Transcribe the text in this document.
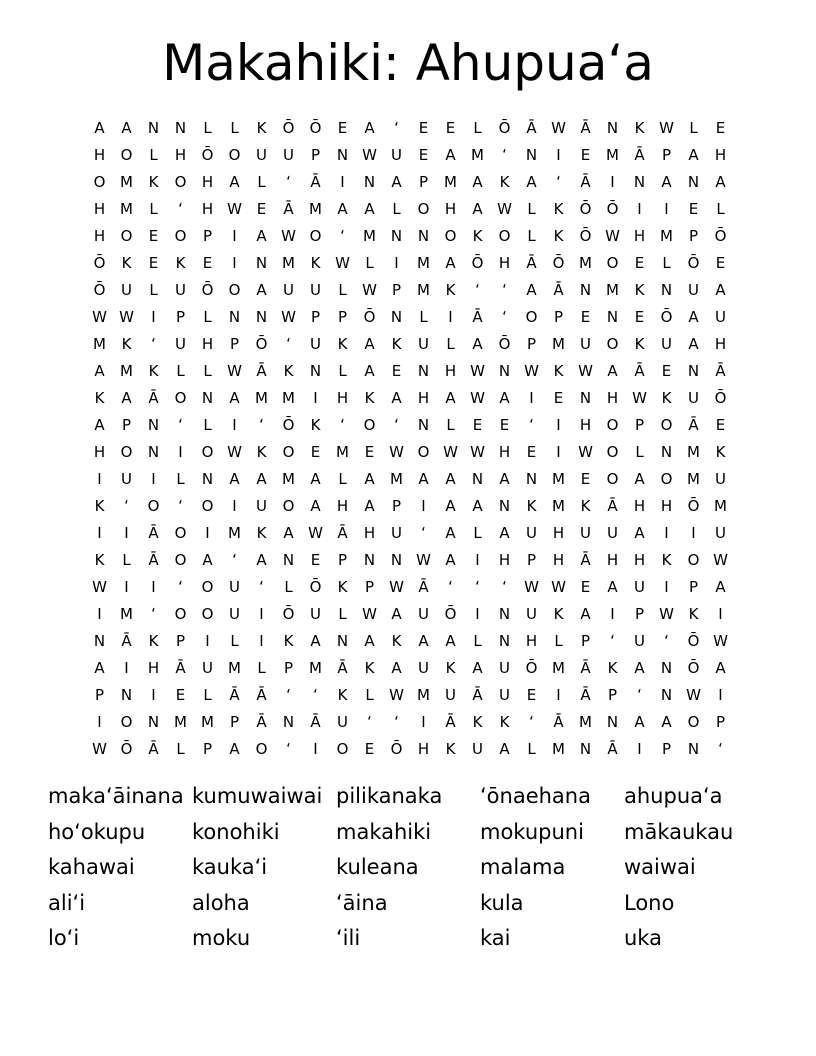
Makahiki: Ahupuaʻa
A	A	N	N	L	L	K	Ō	Ō	E	A	ʻ	E	E	L	Ō	Ā W Ā	N	K W	L	E
H	O	L	H	Ō	O	U	U	P	N W U	E	A	M	ʻ	N	I	E	M	Ā	P	A	H
O M	K	O	H	A	L	ʻ	Ā	I	N	A	P	M	A	K	A	ʻ	Ā	I	N	A	N	A
H M	L	ʻ	H W E	Ā	M	A	A	L	O	H	A W	L	K	Ō	Ō	I	I	E	L
H	O	E	O	P	I	A W O	ʻ	M N	N	O	K	O	L	K	Ō W H M	P	Ō
Ō	K	E	K	E	I	N M	K W	L	I	M	A	Ō	H	Ā	Ō M O	E	L	Ō	E
Ō	U	L	U	Ō	O	A	U	U	L	W	P	M	K	ʻ	ʻ	A	Ā	N M	K	N	U	A
W W	I	P	L	N	N W	P	P	Ō	N	L	I	Ā	ʻ	O	P	E	N	E	Ō	A	U
M	K	ʻ	U	H	P	Ō	ʻ	U	K	A	K	U	L	A	Ō	P	M	U	O	K	U	A	H
A	M	K	L	L	W Ā	K	N	L	A	E	N	H W N W K W A	Ā	E	N	Ā
K	A	Ā	O	N	A	M M	I	H	K	A	H	A W A	I	E	N	H W K	U	Ō
A	P	N	ʻ	L	I	ʻ	Ō	K	ʻ	O	ʻ	N	L	E	E	ʻ	I	H	O	P	O	Ā	E
H	O	N	I	O W K	O	E	M	E W O W W H	E	I	W O	L	N M	K
I	U	I	L	N	A	A	M	A	L	A	M	A	A	N	A	N M	E	O	A	O M	U
K	ʻ	O	ʻ	O	I	U	O	A	H	A	P	I	A	A	N	K	M	K	Ā	H	H	Ō M
I	I	Ā	O	I	M	K	A W Ā	H	U	ʻ	A	L	A	U	H	U	U	A	I	I	U
K	L	Ā	O	A	ʻ	A	N	E	P	N	N W A	I	H	P	H	Ā	H	H	K	O W
W	I	I	ʻ	O	U	ʻ	L	Ō	K	P	W Ā	ʻ	ʻ	ʻ	W W E	A	U	I	P	A
I	M	ʻ	O	O	U	I	Ō	U	L	W A	U	Ō	I	N	U	K	A	I	P	W K	I
N	Ā	K	P	I	L	I	K	A	N	A	K	A	A	L	N	H	L	P	ʻ	U	ʻ	Ō W
A	I	H	Ā	U	M	L	P	M	Ā	K	A	U	K	A	U	Ō M	Ā	K	A	N	Ō	A
P	N	I	E	L	Ā	Ā	ʻ	ʻ	K	L	W M	U	Ā	U	E	I	Ā	P	ʻ	N W	I
I	O	N M M	P	Ā	N	Ā	U	ʻ	ʻ	I	Ā	K	K	ʻ	Ā	M N	A	A	O	P
W Ō	Ā	L	P	A	O	ʻ	I	O	E	Ō	H	K	U	A	L	M N	Ā	I	P	N	ʻ
makaʻāinana kumuwaiwai pilikanaka	ʻōnaehana	ahupuaʻa
hoʻokupu	konohiki	makahiki	mokupuni	mākaukau
kahawai	kaukaʻi	kuleana	malama	waiwai
aliʻi	aloha	ʻāina	kula	Lono
loʻi	moku	ʻili	kai	uka
